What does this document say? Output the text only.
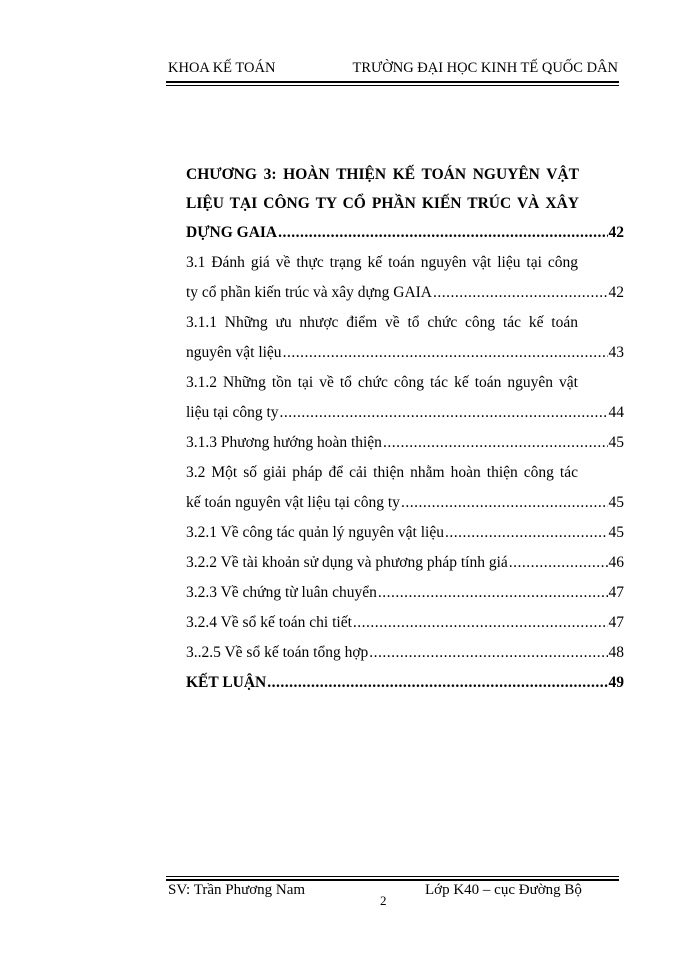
KHOA KẾ TOÁN	TRƯỜNG ĐẠI HỌC KINH TẾ QUỐC DÂN
CHƯƠNG 3: HOÀN THIỆN KẾ TOÁN NGUYÊN VẬT
LIỆU TẠI CÔNG TY CỔ PHẦN KIẾN TRÚC VÀ XÂY
DỰNG GAIA .....	42
3.1 Đánh giá về thực trạng kế toán nguyên vật liệu tại công
ty cổ phần kiến trúc và xây dựng GAIA .....	42
3.1.1 Những ưu nhược điểm về tổ chức công tác kế toán
nguyên vật liệu .....	43
3.1.2 Những tồn tại về tổ chức công tác kế toán nguyên vật
liệu tại công ty .....	44
3.1.3 Phương hướng hoàn thiện .....	45
3.2 Một số giải pháp để cải thiện nhằm hoàn thiện công tác
kế toán nguyên vật liệu tại công ty .....	45
3.2.1 Về công tác quản lý nguyên vật liệu .....	45
3.2.2 Về tài khoản sử dụng và phương pháp tính giá .....	46
3.2.3 Về chứng từ luân chuyển .....	47
3.2.4 Về sổ kế toán chi tiết .....	47
3..2.5 Về sổ kế toán tổng hợp .....	48
KẾT LUẬN .....	49
SV: Trần Phương Nam	Lớp K40 – cục Đường Bộ
2
